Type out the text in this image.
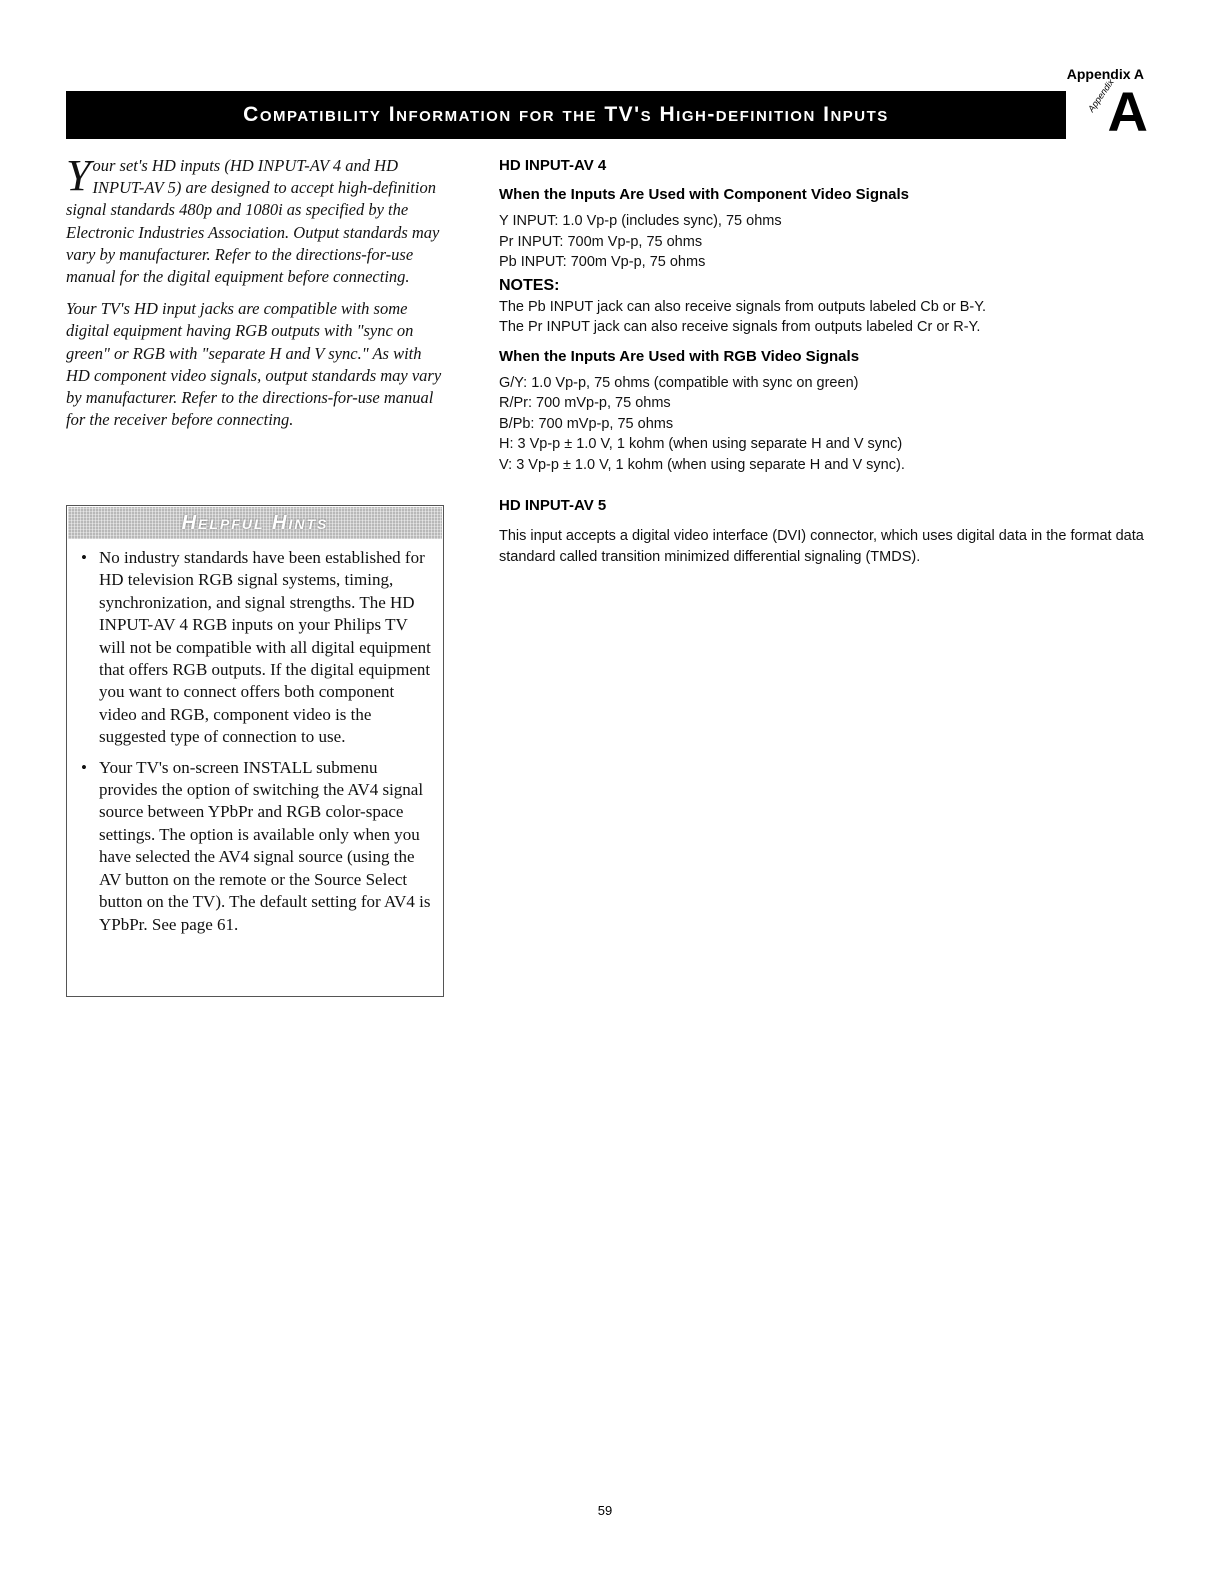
Appendix A
Compatibility Information for the TV's High-definition Inputs
Appendix
A

Your set's HD inputs (HD INPUT-AV 4 and HD INPUT-AV 5) are designed to accept high-definition signal standards 480p and 1080i as specified by the Electronic Industries Association. Output standards may vary by manufacturer. Refer to the directions-for-use manual for the digital equipment before connecting.

Your TV's HD input jacks are compatible with some digital equipment having RGB outputs with "sync on green" or RGB with "separate H and V sync." As with HD component video signals, output standards may vary by manufacturer. Refer to the directions-for-use manual for the receiver before connecting.

Helpful Hints
• No industry standards have been established for HD television RGB signal systems, timing, synchronization, and signal strengths. The HD INPUT-AV 4 RGB inputs on your Philips TV will not be compatible with all digital equipment that offers RGB outputs. If the digital equipment you want to connect offers both component video and RGB, component video is the suggested type of connection to use.
• Your TV's on-screen INSTALL submenu provides the option of switching the AV4 signal source between YPbPr and RGB color-space settings. The option is available only when you have selected the AV4 signal source (using the AV button on the remote or the Source Select button on the TV). The default setting for AV4 is YPbPr. See page 61.
HD INPUT-AV 4
When the Inputs Are Used with Component Video Signals

Y INPUT: 1.0 Vp-p (includes sync), 75 ohms

Pr INPUT: 700m Vp-p, 75 ohms

Pb INPUT: 700m Vp-p, 75 ohms

NOTES:

The Pb INPUT jack can also receive signals from outputs labeled Cb or B-Y.

The Pr INPUT jack can also receive signals from outputs labeled Cr or R-Y.

When the Inputs Are Used with RGB Video Signals

G/Y: 1.0 Vp-p, 75 ohms (compatible with sync on green)

R/Pr: 700 mVp-p, 75 ohms

B/Pb: 700 mVp-p, 75 ohms

H: 3 Vp-p ± 1.0 V, 1 kohm (when using separate H and V sync)

V: 3 Vp-p ± 1.0 V, 1 kohm (when using separate H and V sync).

HD INPUT-AV 5

This input accepts a digital video interface (DVI) connector, which uses digital data in the format data standard called transition minimized differential signaling (TMDS).

59
